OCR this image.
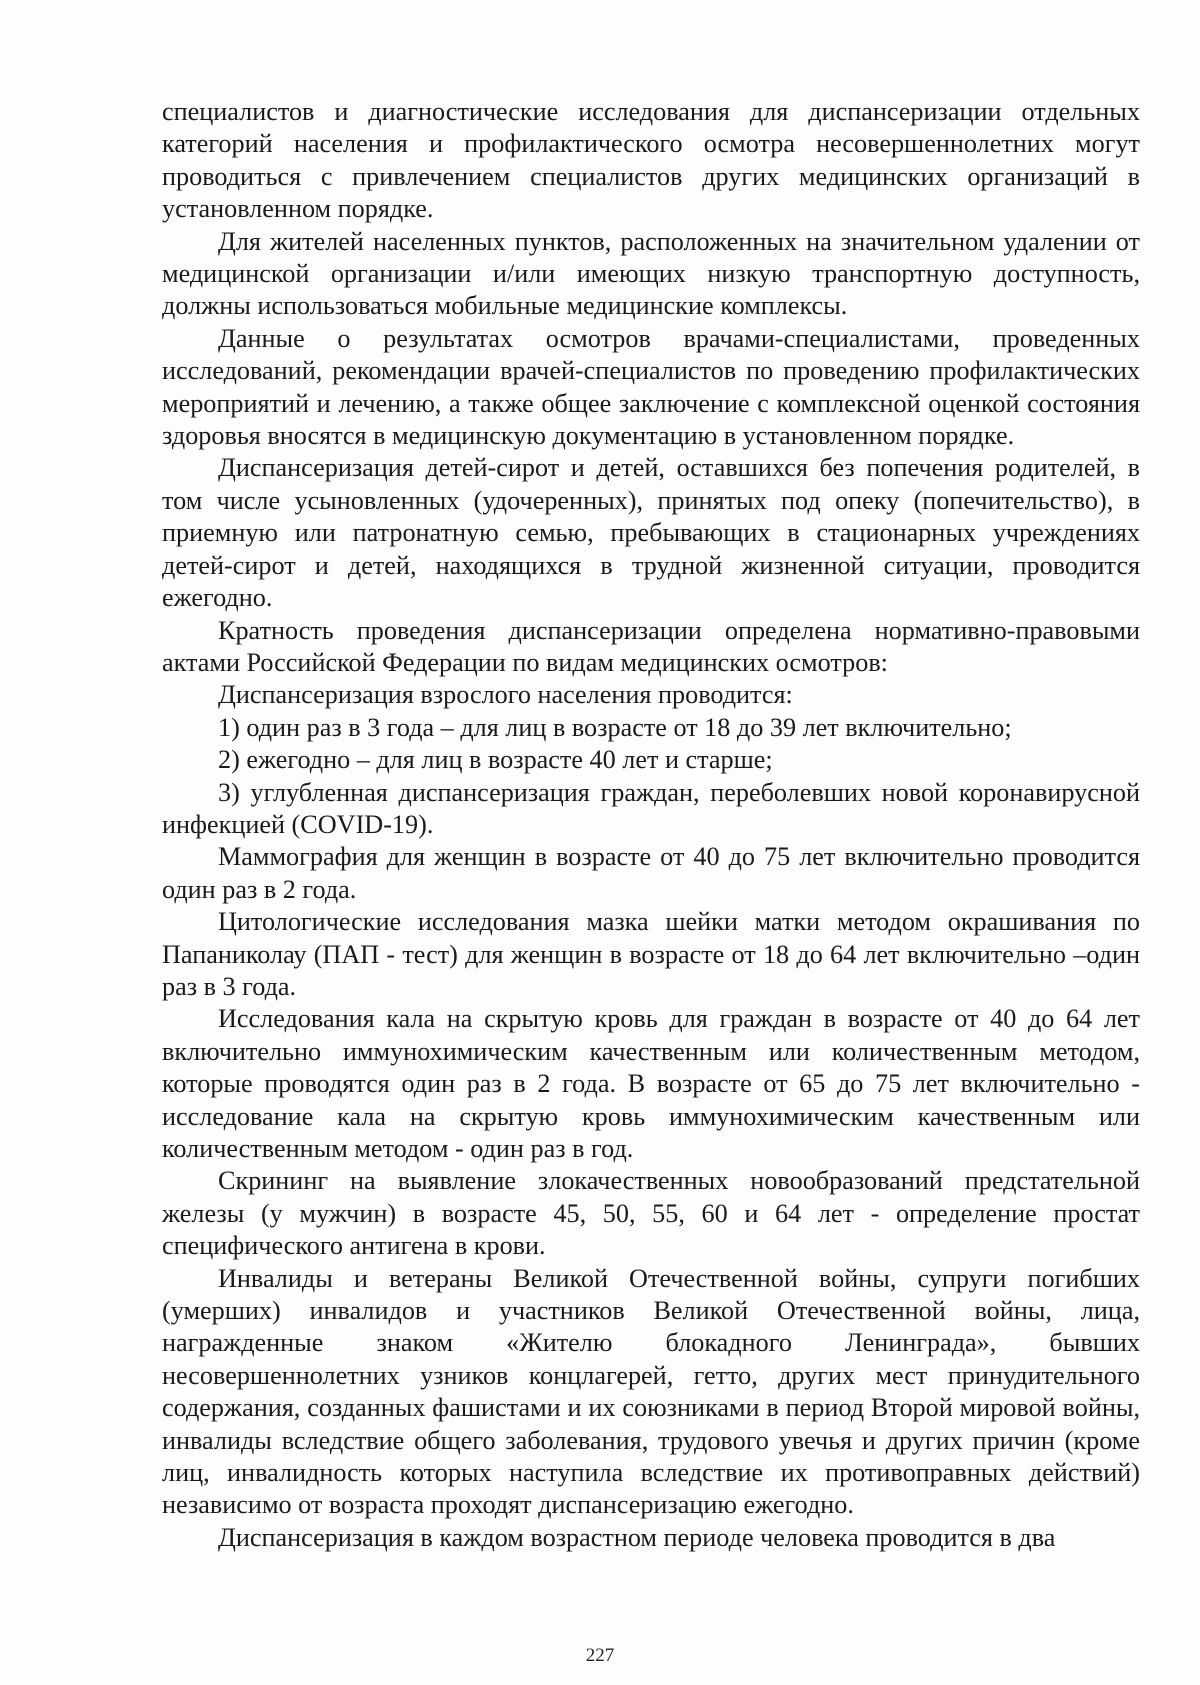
специалистов и диагностические исследования для диспансеризации отдельных категорий населения и профилактического осмотра несовершеннолетних могут проводиться с привлечением специалистов других медицинских организаций в установленном порядке.

Для жителей населенных пунктов, расположенных на значительном удалении от медицинской организации и/или имеющих низкую транспортную доступность, должны использоваться мобильные медицинские комплексы.

Данные о результатах осмотров врачами-специалистами, проведенных исследований, рекомендации врачей-специалистов по проведению профилактических мероприятий и лечению, а также общее заключение с комплексной оценкой состояния здоровья вносятся в медицинскую документацию в установленном порядке.

Диспансеризация детей-сирот и детей, оставшихся без попечения родителей, в том числе усыновленных (удочеренных), принятых под опеку (попечительство), в приемную или патронатную семью, пребывающих в стационарных учреждениях детей-сирот и детей, находящихся в трудной жизненной ситуации, проводится ежегодно.

Кратность проведения диспансеризации определена нормативно-правовыми актами Российской Федерации по видам медицинских осмотров:

Диспансеризация взрослого населения проводится:

1) один раз в 3 года – для лиц в возрасте от 18 до 39 лет включительно;

2) ежегодно – для лиц в возрасте 40 лет и старше;

3) углубленная диспансеризация граждан, переболевших новой коронавирусной инфекцией (COVID-19).

Маммография для женщин в возрасте от 40 до 75 лет включительно проводится один раз в 2 года.

Цитологические исследования мазка шейки матки методом окрашивания по Папаниколау (ПАП - тест) для женщин в возрасте от 18 до 64 лет включительно –один раз в 3 года.

Исследования кала на скрытую кровь для граждан в возрасте от 40 до 64 лет включительно иммунохимическим качественным или количественным методом, которые проводятся один раз в 2 года. В возрасте от 65 до 75 лет включительно - исследование кала на скрытую кровь иммунохимическим качественным или количественным методом - один раз в год.

Скрининг на выявление злокачественных новообразований предстательной железы (у мужчин) в возрасте 45, 50, 55, 60 и 64 лет - определение простат специфического антигена в крови.

Инвалиды и ветераны Великой Отечественной войны, супруги погибших (умерших) инвалидов и участников Великой Отечественной войны, лица, награжденные знаком «Жителю блокадного Ленинграда», бывших несовершеннолетних узников концлагерей, гетто, других мест принудительного содержания, созданных фашистами и их союзниками в период Второй мировой войны, инвалиды вследствие общего заболевания, трудового увечья и других причин (кроме лиц, инвалидность которых наступила вследствие их противоправных действий) независимо от возраста проходят диспансеризацию ежегодно.

Диспансеризация в каждом возрастном периоде человека проводится в два

227
